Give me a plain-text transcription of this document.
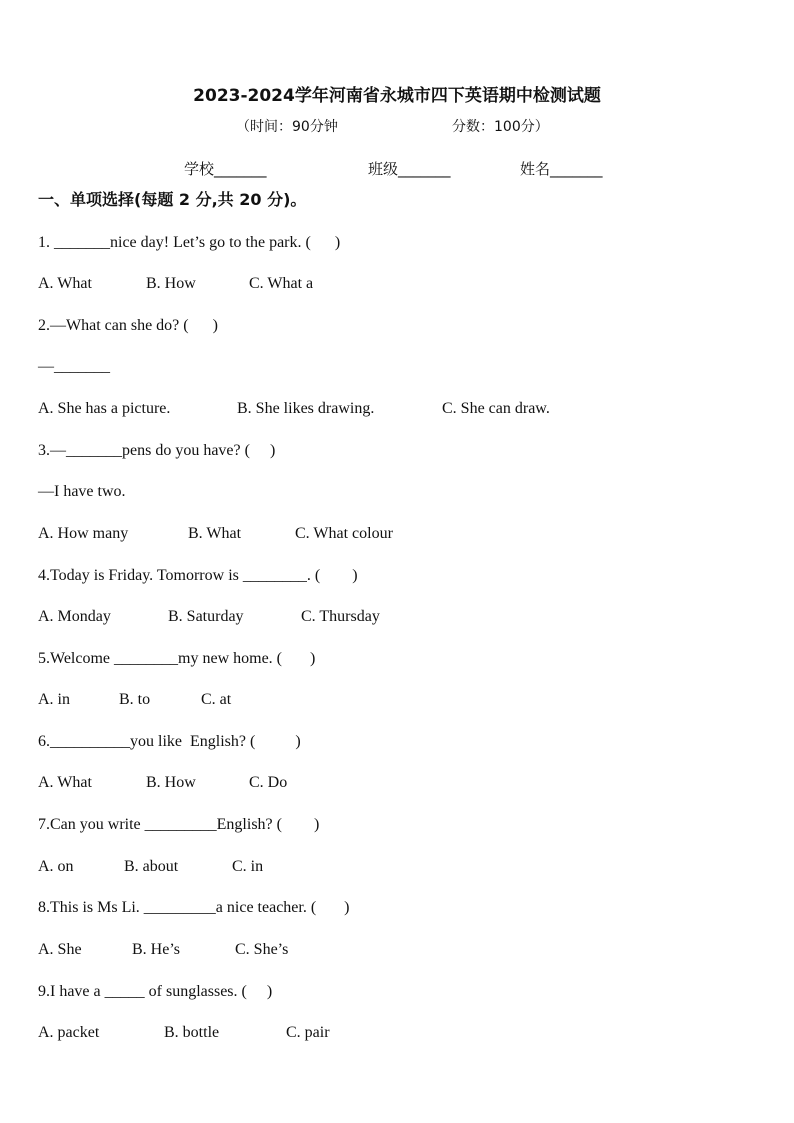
2023-2024学年河南省永城市四下英语期中检测试题
（时间：90分钟	分数：100分）
学校_______	班级_______	姓名_______
一、单项选择(每题 2 分,共 20 分)。
1. _______nice day! Let’s go to the park. (      )
A. What	B. How	C. What a
2.—What can she do? (      )
—_______
A. She has a picture.	B. She likes drawing.	C. She can draw.
3.—_______pens do you have? (     )
—I have two.
A. How many	B. What	C. What colour
4.Today is Friday. Tomorrow is ________. (        )
A. Monday	B. Saturday	C. Thursday
5.Welcome ________my new home. (       )
A. in	B. to	C. at
6.__________you like  English? (          )
A. What	B. How	C. Do
7.Can you write _________English? (        )
A. on	B. about	C. in
8.This is Ms Li. _________a nice teacher. (       )
A. She	B. He’s	C. She’s
9.I have a _____ of sunglasses. (     )
A. packet	B. bottle	C. pair
